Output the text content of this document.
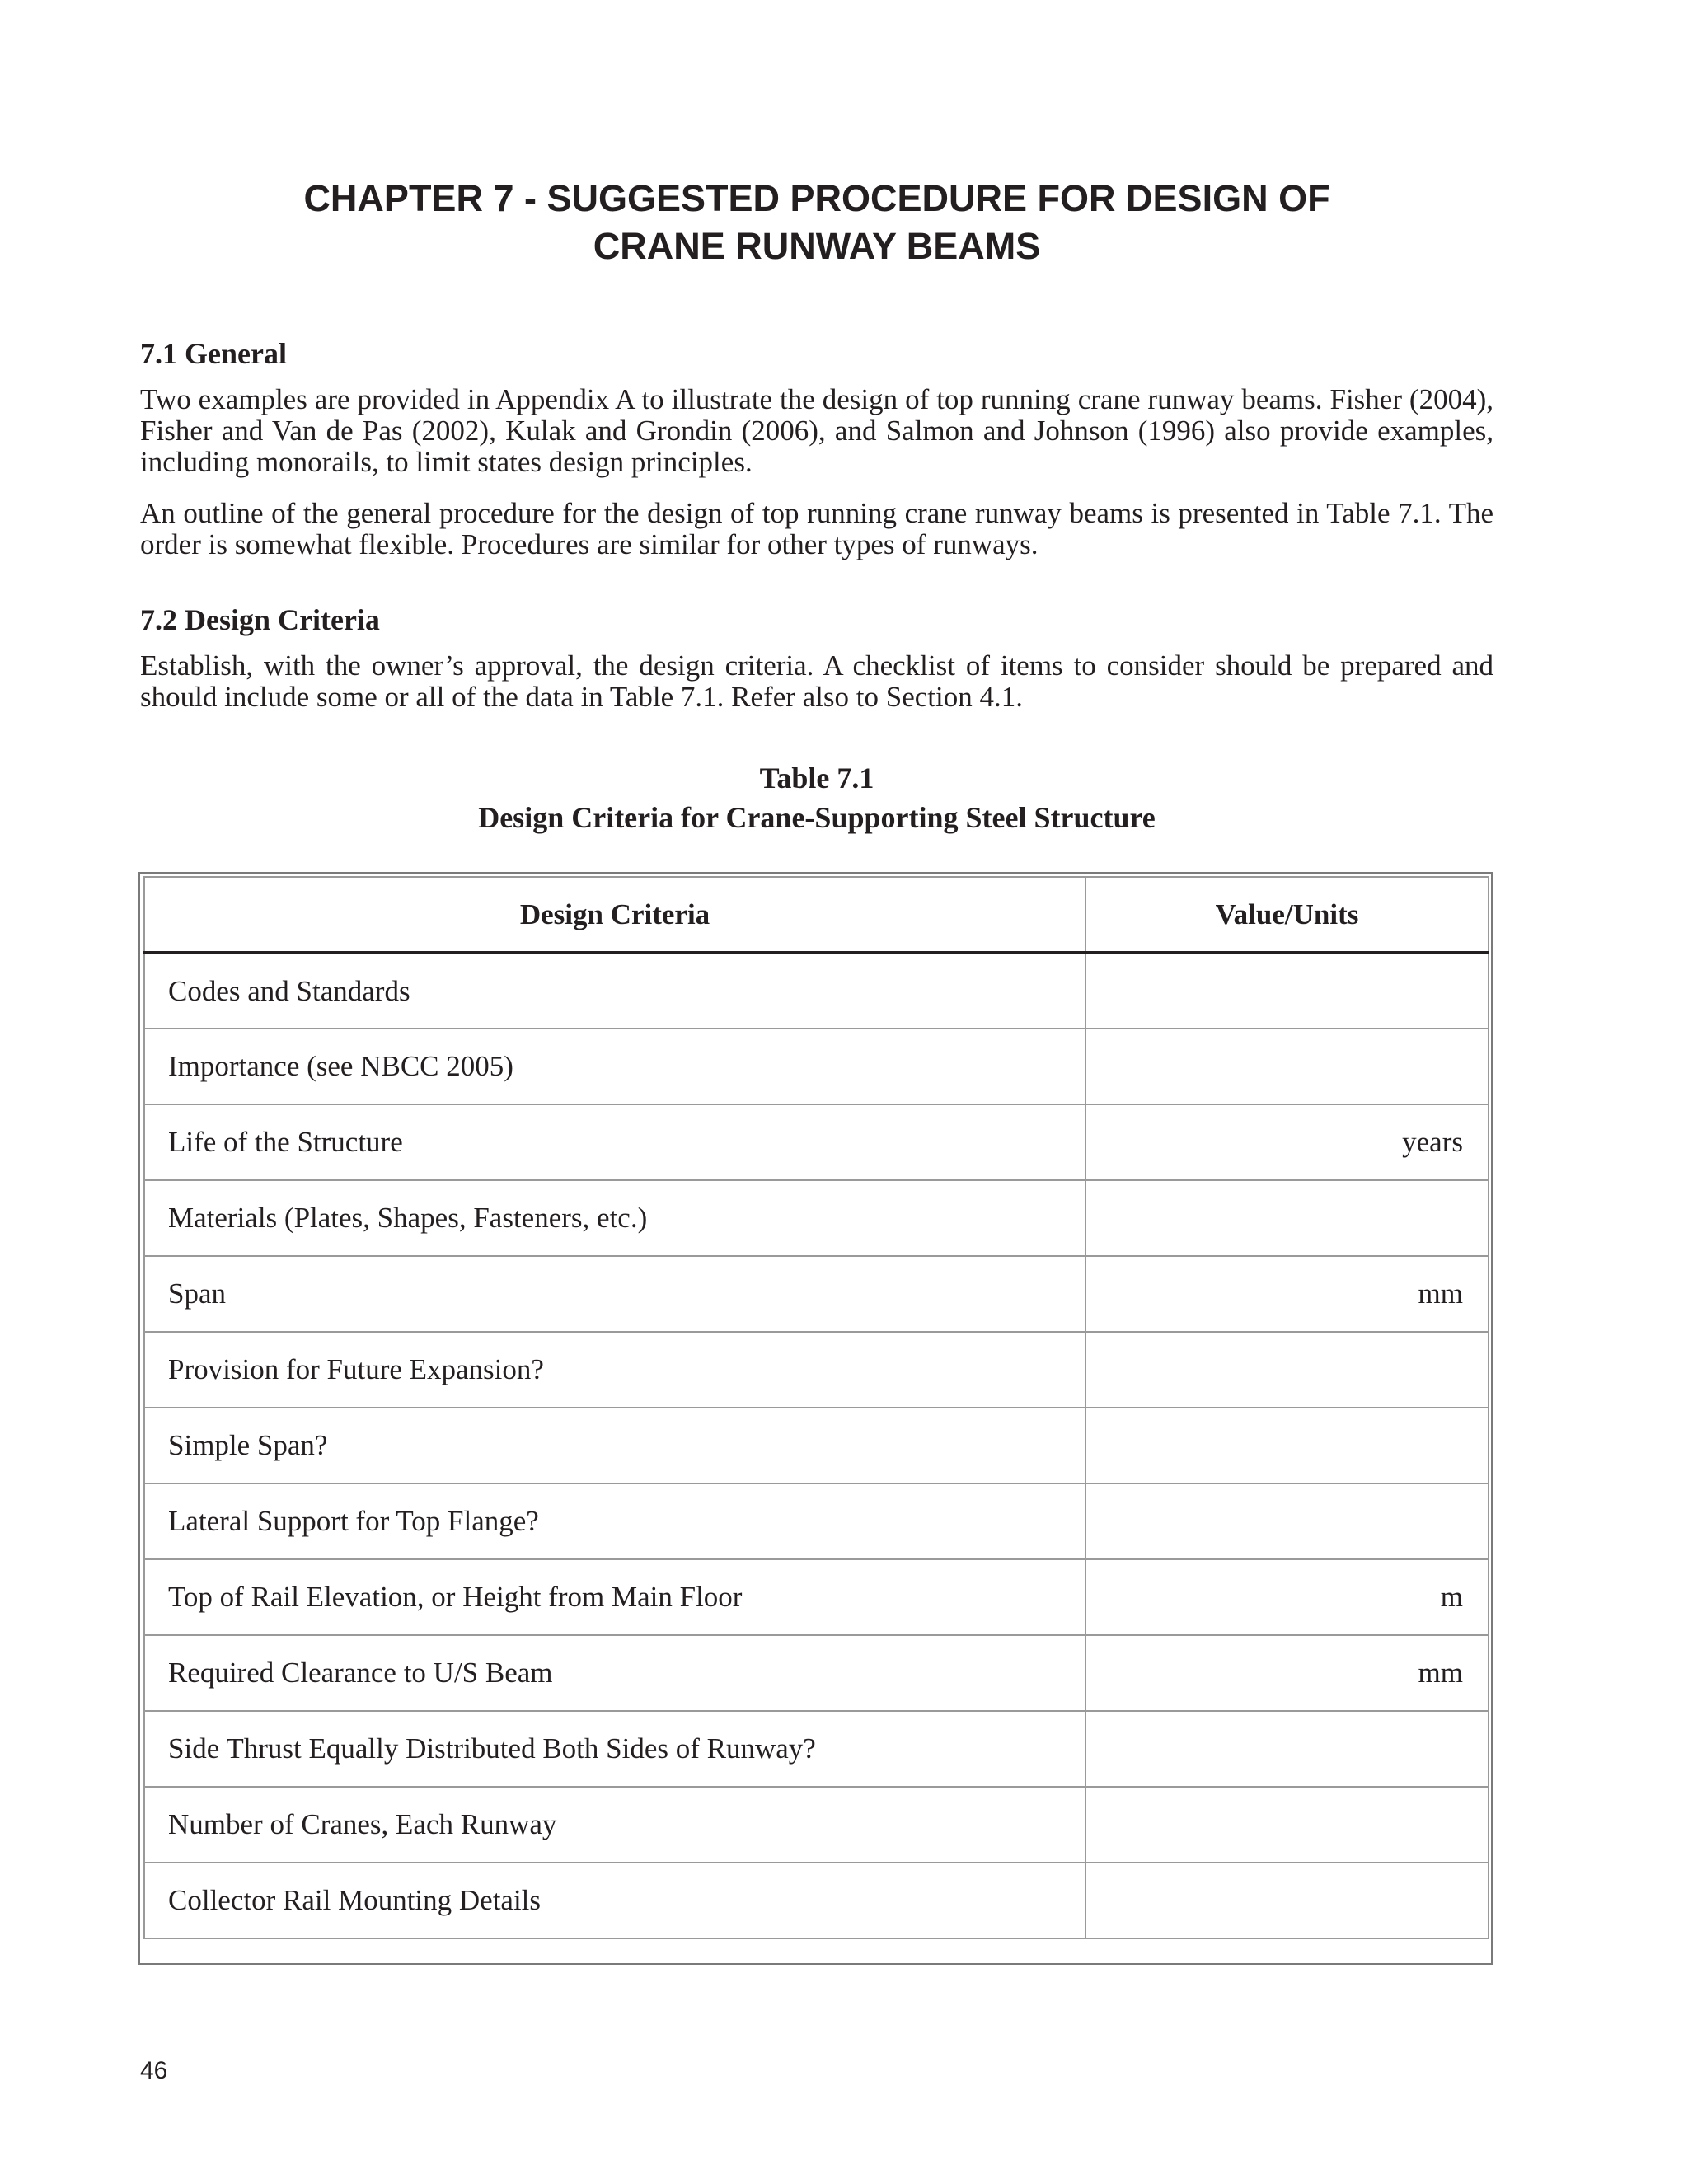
CHAPTER 7 - SUGGESTED PROCEDURE FOR DESIGN OF
CRANE RUNWAY BEAMS
7.1 General

Two examples are provided in Appendix A to illustrate the design of top running crane runway beams. Fisher (2004), Fisher and Van de Pas (2002), Kulak and Grondin (2006), and Salmon and Johnson (1996) also provide examples, including monorails, to limit states design principles.

An outline of the general procedure for the design of top running crane runway beams is presented in Table 7.1. The order is somewhat flexible. Procedures are similar for other types of runways.

7.2 Design Criteria

Establish, with the owner’s approval, the design criteria. A checklist of items to consider should be prepared and should include some or all of the data in Table 7.1. Refer also to Section 4.1.

Table 7.1
Design Criteria for Crane-Supporting Steel Structure
Design Criteria	Value/Units
Codes and Standards	
Importance (see NBCC 2005)	
Life of the Structure	years
Materials (Plates, Shapes, Fasteners, etc.)	
Span	mm
Provision for Future Expansion?	
Simple Span?	
Lateral Support for Top Flange?	
Top of Rail Elevation, or Height from Main Floor	m
Required Clearance to U/S Beam	mm
Side Thrust Equally Distributed Both Sides of Runway?	
Number of Cranes, Each Runway	
Collector Rail Mounting Details	
46
